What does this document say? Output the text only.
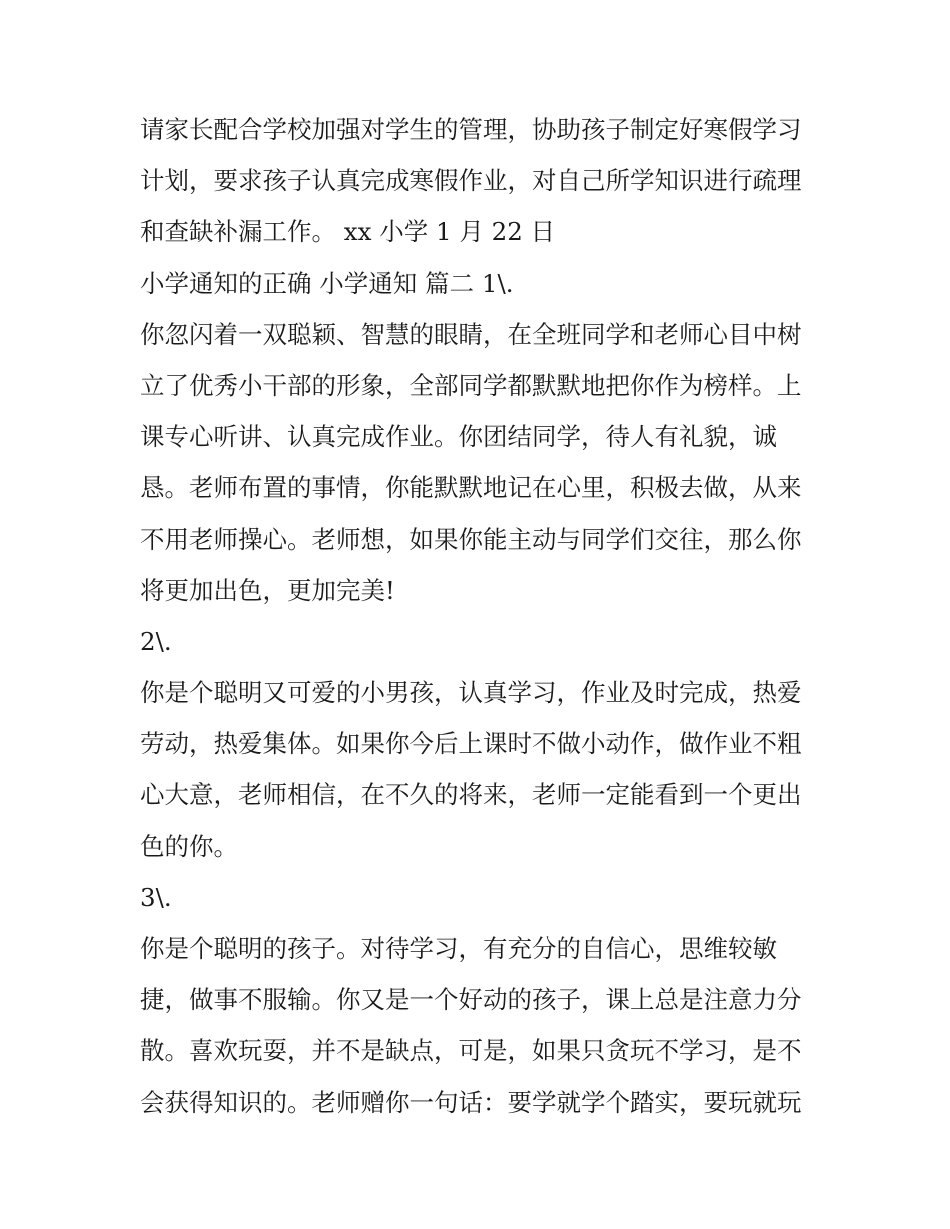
请家长配合学校加强对学生的管理，协助孩子制定好寒假学习

计划，要求孩子认真完成寒假作业，对自己所学知识进行疏理

和查缺补漏工作。 xx 小学 1 月 22 日

小学通知的正确 小学通知 篇二 1\.

你忽闪着一双聪颖、智慧的眼睛，在全班同学和老师心目中树

立了优秀小干部的形象，全部同学都默默地把你作为榜样。上

课专心听讲、认真完成作业。你团结同学，待人有礼貌，诚

恳。老师布置的事情，你能默默地记在心里，积极去做，从来

不用老师操心。老师想，如果你能主动与同学们交往，那么你

将更加出色，更加完美!

2\.

你是个聪明又可爱的小男孩，认真学习，作业及时完成，热爱

劳动，热爱集体。如果你今后上课时不做小动作，做作业不粗

心大意，老师相信，在不久的将来，老师一定能看到一个更出

色的你。

3\.

你是个聪明的孩子。对待学习，有充分的自信心，思维较敏

捷，做事不服输。你又是一个好动的孩子，课上总是注意力分

散。喜欢玩耍，并不是缺点，可是，如果只贪玩不学习，是不

会获得知识的。老师赠你一句话：要学就学个踏实，要玩就玩
